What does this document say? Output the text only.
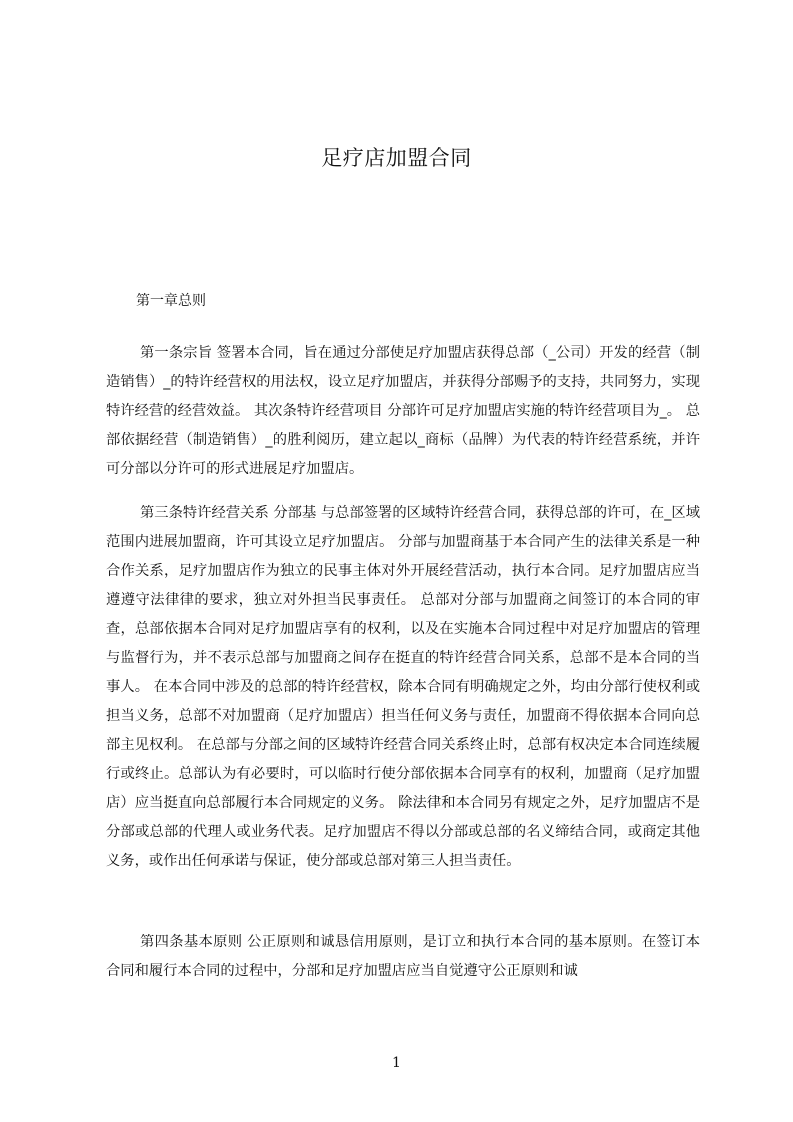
足疗店加盟合同
第一章总则
第一条宗旨 签署本合同，旨在通过分部使足疗加盟店获得总部（_公司）开发的经营（制造销售）_的特许经营权的用法权，设立足疗加盟店，并获得分部赐予的支持，共同努力，实现特许经营的经营效益。 其次条特许经营项目 分部许可足疗加盟店实施的特许经营项目为_。 总部依据经营（制造销售）_的胜利阅历，建立起以_商标（品牌）为代表的特许经营系统，并许可分部以分许可的形式进展足疗加盟店。
第三条特许经营关系 分部基 与总部签署的区域特许经营合同，获得总部的许可，在_区域范围内进展加盟商，许可其设立足疗加盟店。 分部与加盟商基于本合同产生的法律关系是一种合作关系，足疗加盟店作为独立的民事主体对外开展经营活动，执行本合同。足疗加盟店应当遵遵守法律律的要求，独立对外担当民事责任。 总部对分部与加盟商之间签订的本合同的审查，总部依据本合同对足疗加盟店享有的权利，以及在实施本合同过程中对足疗加盟店的管理与监督行为，并不表示总部与加盟商之间存在挺直的特许经营合同关系，总部不是本合同的当事人。 在本合同中涉及的总部的特许经营权，除本合同有明确规定之外，均由分部行使权利或担当义务，总部不对加盟商（足疗加盟店）担当任何义务与责任，加盟商不得依据本合同向总部主见权利。 在总部与分部之间的区域特许经营合同关系终止时，总部有权决定本合同连续履行或终止。总部认为有必要时，可以临时行使分部依据本合同享有的权利，加盟商（足疗加盟店）应当挺直向总部履行本合同规定的义务。 除法律和本合同另有规定之外，足疗加盟店不是分部或总部的代理人或业务代表。足疗加盟店不得以分部或总部的名义缔结合同，或商定其他义务，或作出任何承诺与保证，使分部或总部对第三人担当责任。
第四条基本原则 公正原则和诚恳信用原则，是订立和执行本合同的基本原则。在签订本合同和履行本合同的过程中，分部和足疗加盟店应当自觉遵守公正原则和诚
1
